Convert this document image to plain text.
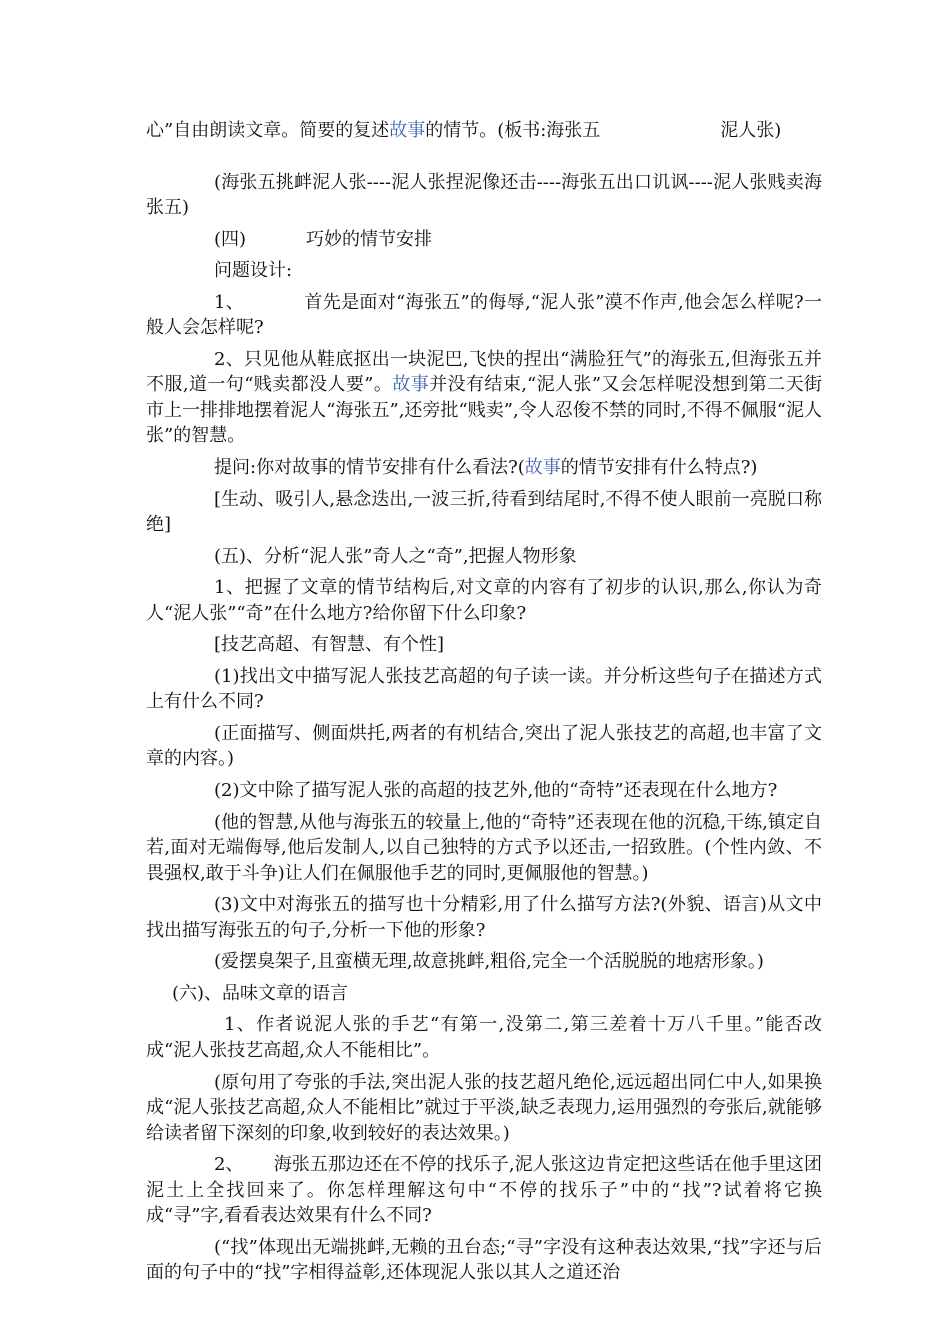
心”自由朗读文章。简要的复述故事的情节。(板书:海张五	泥人张)

(海张五挑衅泥人张----泥人张捏泥像还击----海张五出口讥讽----泥人张贱卖海张五)

(四)	巧妙的情节安排

问题设计:

1、	首先是面对“海张五”的侮辱,“泥人张”漠不作声,他会怎么样呢?一般人会怎样呢?

2、只见他从鞋底抠出一块泥巴,飞快的捏出“满脸狂气”的海张五,但海张五并不服,道一句“贱卖都没人要”。故事并没有结束,“泥人张”又会怎样呢没想到第二天街市上一排排地摆着泥人“海张五”,还旁批“贱卖”,令人忍俊不禁的同时,不得不佩服“泥人张”的智慧。

提问:你对故事的情节安排有什么看法?(故事的情节安排有什么特点?)

[生动、吸引人,悬念迭出,一波三折,待看到结尾时,不得不使人眼前一亮脱口称绝]

(五)、分析“泥人张”奇人之“奇”,把握人物形象

1、把握了文章的情节结构后,对文章的内容有了初步的认识,那么,你认为奇人“泥人张”“奇”在什么地方?给你留下什么印象?

[技艺高超、有智慧、有个性]

(1)找出文中描写泥人张技艺高超的句子读一读。并分析这些句子在描述方式上有什么不同?

(正面描写、侧面烘托,两者的有机结合,突出了泥人张技艺的高超,也丰富了文章的内容。)

(2)文中除了描写泥人张的高超的技艺外,他的“奇特”还表现在什么地方?

(他的智慧,从他与海张五的较量上,他的“奇特”还表现在他的沉稳,干练,镇定自若,面对无端侮辱,他后发制人,以自己独特的方式予以还击,一招致胜。(个性内敛、不畏强权,敢于斗争)让人们在佩服他手艺的同时,更佩服他的智慧。)

(3)文中对海张五的描写也十分精彩,用了什么描写方法?(外貌、语言)从文中找出描写海张五的句子,分析一下他的形象?

(爱摆臭架子,且蛮横无理,故意挑衅,粗俗,完全一个活脱脱的地痞形象。)

(六)、品味文章的语言

1、作者说泥人张的手艺“有第一,没第二,第三差着十万八千里。”能否改成“泥人张技艺高超,众人不能相比”。

(原句用了夸张的手法,突出泥人张的技艺超凡绝伦,远远超出同仁中人,如果换成“泥人张技艺高超,众人不能相比”就过于平淡,缺乏表现力,运用强烈的夸张后,就能够给读者留下深刻的印象,收到较好的表达效果。)

2、 海张五那边还在不停的找乐子,泥人张这边肯定把这些话在他手里这团泥土上全找回来了。你怎样理解这句中“不停的找乐子”中的“找”?试着将它换成“寻”字,看看表达效果有什么不同?

(“找”体现出无端挑衅,无赖的丑台态;“寻”字没有这种表达效果,“找”字还与后面的句子中的“找”字相得益彰,还体现泥人张以其人之道还治
